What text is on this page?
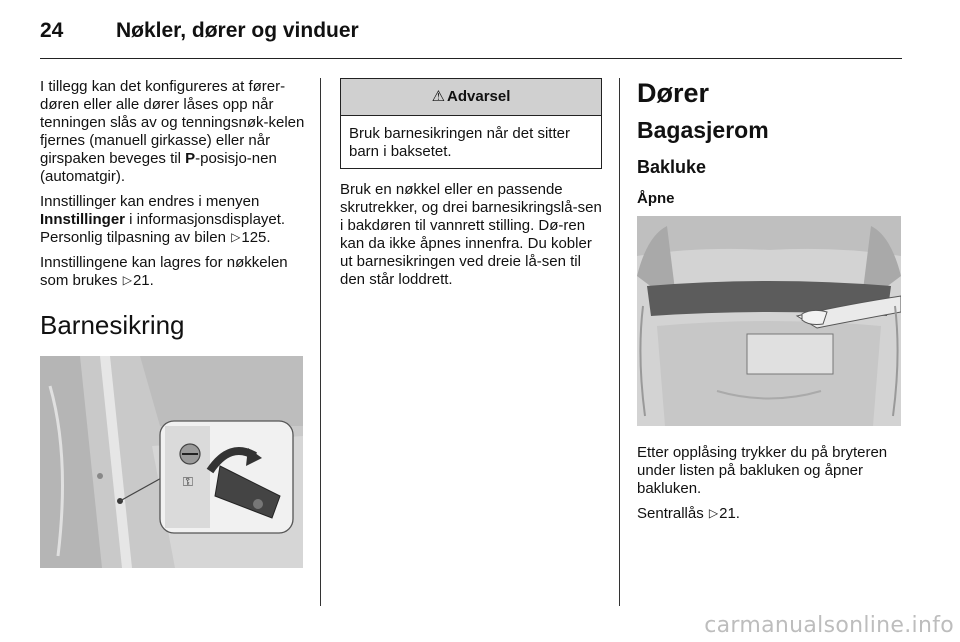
24	Nøkler, dører og vinduer

I tillegg kan det konfigureres at fører-døren eller alle dører låses opp når tenningen slås av og tenningsnøk-kelen fjernes (manuell girkasse) eller når girspaken beveges til P-posisjo-nen (automatgir).

Innstillinger kan endres i menyen Innstillinger i informasjonsdisplayet. Personlig tilpasning av bilen ▷125.

Innstillingene kan lagres for nøkkelen som brukes ▷21.

Barnesikring
⚿
⚠ Advarsel
Bruk barnesikringen når det sitter barn i baksetet.

Bruk en nøkkel eller en passende skrutrekker, og drei barnesikringslå-sen i bakdøren til vannrett stilling. Dø-ren kan da ikke åpnes innenfra. Du kobler ut barnesikringen ved dreie lå-sen til den står loddrett.

Dører
Bagasjerom
Bakluke
Åpne

Etter opplåsing trykker du på bryteren under listen på bakluken og åpner bakluken.

Sentrallås ▷21.

carmanualsonline.info
